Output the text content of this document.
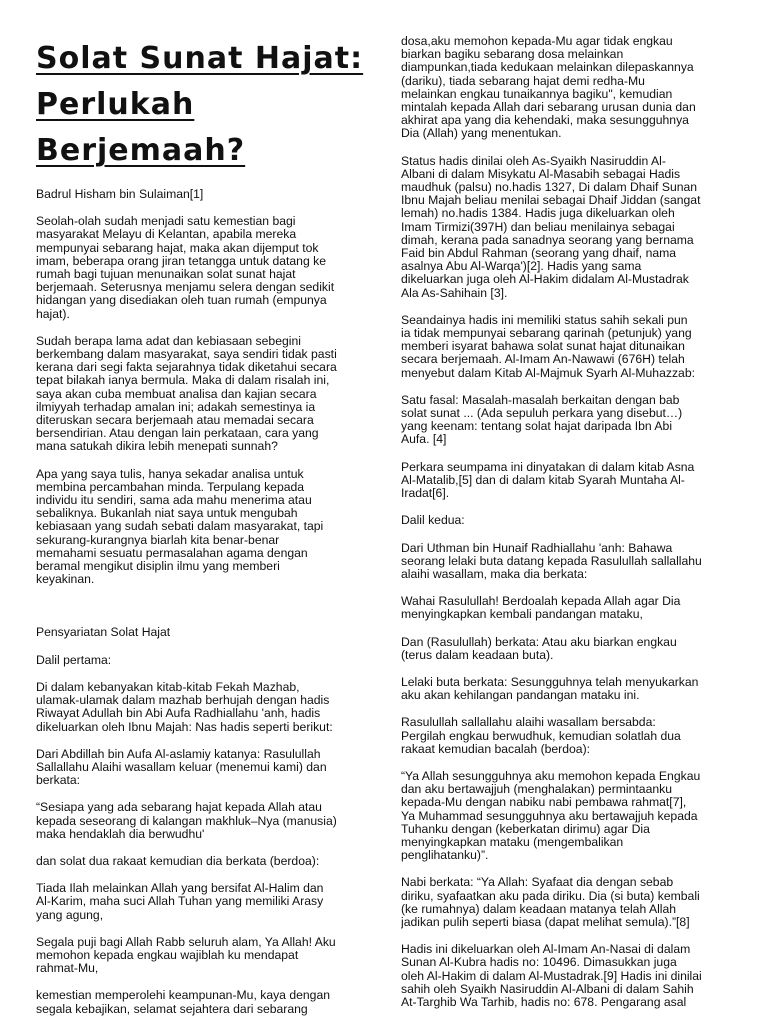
Solat Sunat Hajat: Perlukah Berjemaah?

Badrul Hisham bin Sulaiman[1]

Seolah-olah sudah menjadi satu kemestian bagi
masyarakat Melayu di Kelantan, apabila mereka
mempunyai sebarang hajat, maka akan dijemput tok
imam, beberapa orang jiran tetangga untuk datang ke
rumah bagi tujuan menunaikan solat sunat hajat
berjemaah. Seterusnya menjamu selera dengan sedikit
hidangan yang disediakan oleh tuan rumah (empunya
hajat).

Sudah berapa lama adat dan kebiasaan sebegini
berkembang dalam masyarakat, saya sendiri tidak pasti
kerana dari segi fakta sejarahnya tidak diketahui secara
tepat bilakah ianya bermula. Maka di dalam risalah ini,
saya akan cuba membuat analisa dan kajian secara
ilmiyyah terhadap amalan ini; adakah semestinya ia
diteruskan secara berjemaah atau memadai secara
bersendirian. Atau dengan lain perkataan, cara yang
mana satukah dikira lebih menepati sunnah?

Apa yang saya tulis, hanya sekadar analisa untuk
membina percambahan minda. Terpulang kepada
individu itu sendiri, sama ada mahu menerima atau
sebaliknya. Bukanlah niat saya untuk mengubah
kebiasaan yang sudah sebati dalam masyarakat, tapi
sekurang-kurangnya biarlah kita benar-benar
memahami sesuatu permasalahan agama dengan
beramal mengikut disiplin ilmu yang memberi
keyakinan.

Pensyariatan Solat Hajat

Dalil pertama:

Di dalam kebanyakan kitab-kitab Fekah Mazhab,
ulamak-ulamak dalam mazhab berhujah dengan hadis
Riwayat Adullah bin Abi Aufa Radhiallahu 'anh, hadis
dikeluarkan oleh Ibnu Majah: Nas hadis seperti berikut:

Dari Abdillah bin Aufa Al-aslamiy katanya: Rasulullah
Sallallahu Alaihi wasallam keluar (menemui kami) dan
berkata:

“Sesiapa yang ada sebarang hajat kepada Allah atau
kepada seseorang di kalangan makhluk–Nya (manusia)
maka hendaklah dia berwudhu'

dan solat dua rakaat kemudian dia berkata (berdoa):

Tiada Ilah melainkan Allah yang bersifat Al-Halim dan
Al-Karim, maha suci Allah Tuhan yang memiliki Arasy
yang agung,

Segala puji bagi Allah Rabb seluruh alam, Ya Allah! Aku
memohon kepada engkau wajiblah ku mendapat
rahmat-Mu,

kemestian memperolehi keampunan-Mu, kaya dengan
segala kebajikan, selamat sejahtera dari sebarang

dosa,aku memohon kepada-Mu agar tidak engkau
biarkan bagiku sebarang dosa melainkan
diampunkan,tiada kedukaan melainkan dilepaskannya
(dariku), tiada sebarang hajat demi redha-Mu
melainkan engkau tunaikannya bagiku", kemudian
mintalah kepada Allah dari sebarang urusan dunia dan
akhirat apa yang dia kehendaki, maka sesungguhnya
Dia (Allah) yang menentukan.

Status hadis dinilai oleh As-Syaikh Nasiruddin Al-
Albani di dalam Misykatu Al-Masabih sebagai Hadis
maudhuk (palsu) no.hadis 1327, Di dalam Dhaif Sunan
Ibnu Majah beliau menilai sebagai Dhaif Jiddan (sangat
lemah) no.hadis 1384. Hadis juga dikeluarkan oleh
Imam Tirmizi(397H) dan beliau menilainya sebagai
dimah, kerana pada sanadnya seorang yang bernama
Faid bin Abdul Rahman (seorang yang dhaif, nama
asalnya Abu Al-Warqa')[2]. Hadis yang sama
dikeluarkan juga oleh Al-Hakim didalam Al-Mustadrak
Ala As-Sahihain [3].

Seandainya hadis ini memiliki status sahih sekali pun
ia tidak mempunyai sebarang qarinah (petunjuk) yang
memberi isyarat bahawa solat sunat hajat ditunaikan
secara berjemaah. Al-Imam An-Nawawi (676H) telah
menyebut dalam Kitab Al-Majmuk Syarh Al-Muhazzab:

Satu fasal: Masalah-masalah berkaitan dengan bab
solat sunat ... (Ada sepuluh perkara yang disebut…)
yang keenam: tentang solat hajat daripada Ibn Abi
Aufa. [4]

Perkara seumpama ini dinyatakan di dalam kitab Asna
Al-Matalib,[5] dan di dalam kitab Syarah Muntaha Al-
Iradat[6].

Dalil kedua:

Dari Uthman bin Hunaif Radhiallahu 'anh: Bahawa
seorang lelaki buta datang kepada Rasulullah sallallahu
alaihi wasallam, maka dia berkata:

Wahai Rasulullah! Berdoalah kepada Allah agar Dia
menyingkapkan kembali pandangan mataku,

Dan (Rasulullah) berkata: Atau aku biarkan engkau
(terus dalam keadaan buta).

Lelaki buta berkata: Sesungguhnya telah menyukarkan
aku akan kehilangan pandangan mataku ini.

Rasulullah sallallahu alaihi wasallam bersabda:
Pergilah engkau berwudhuk, kemudian solatlah dua
rakaat kemudian bacalah (berdoa):

“Ya Allah sesungguhnya aku memohon kepada Engkau
dan aku bertawajjuh (menghalakan) permintaanku
kepada-Mu dengan nabiku nabi pembawa rahmat[7],
Ya Muhammad sesungguhnya aku bertawajjuh kepada
Tuhanku dengan (keberkatan dirimu) agar Dia
menyingkapkan mataku (mengembalikan
penglihatanku)”.

Nabi berkata: “Ya Allah: Syafaat dia dengan sebab
diriku, syafaatkan aku pada diriku. Dia (si buta) kembali
(ke rumahnya) dalam keadaan matanya telah Allah
jadikan pulih seperti biasa (dapat melihat semula).”[8]

Hadis ini dikeluarkan oleh Al-Imam An-Nasai di dalam
Sunan Al-Kubra hadis no: 10496. Dimasukkan juga
oleh Al-Hakim di dalam Al-Mustadrak.[9] Hadis ini dinilai
sahih oleh Syaikh Nasiruddin Al-Albani di dalam Sahih
At-Targhib Wa Tarhib, hadis no: 678. Pengarang asal
